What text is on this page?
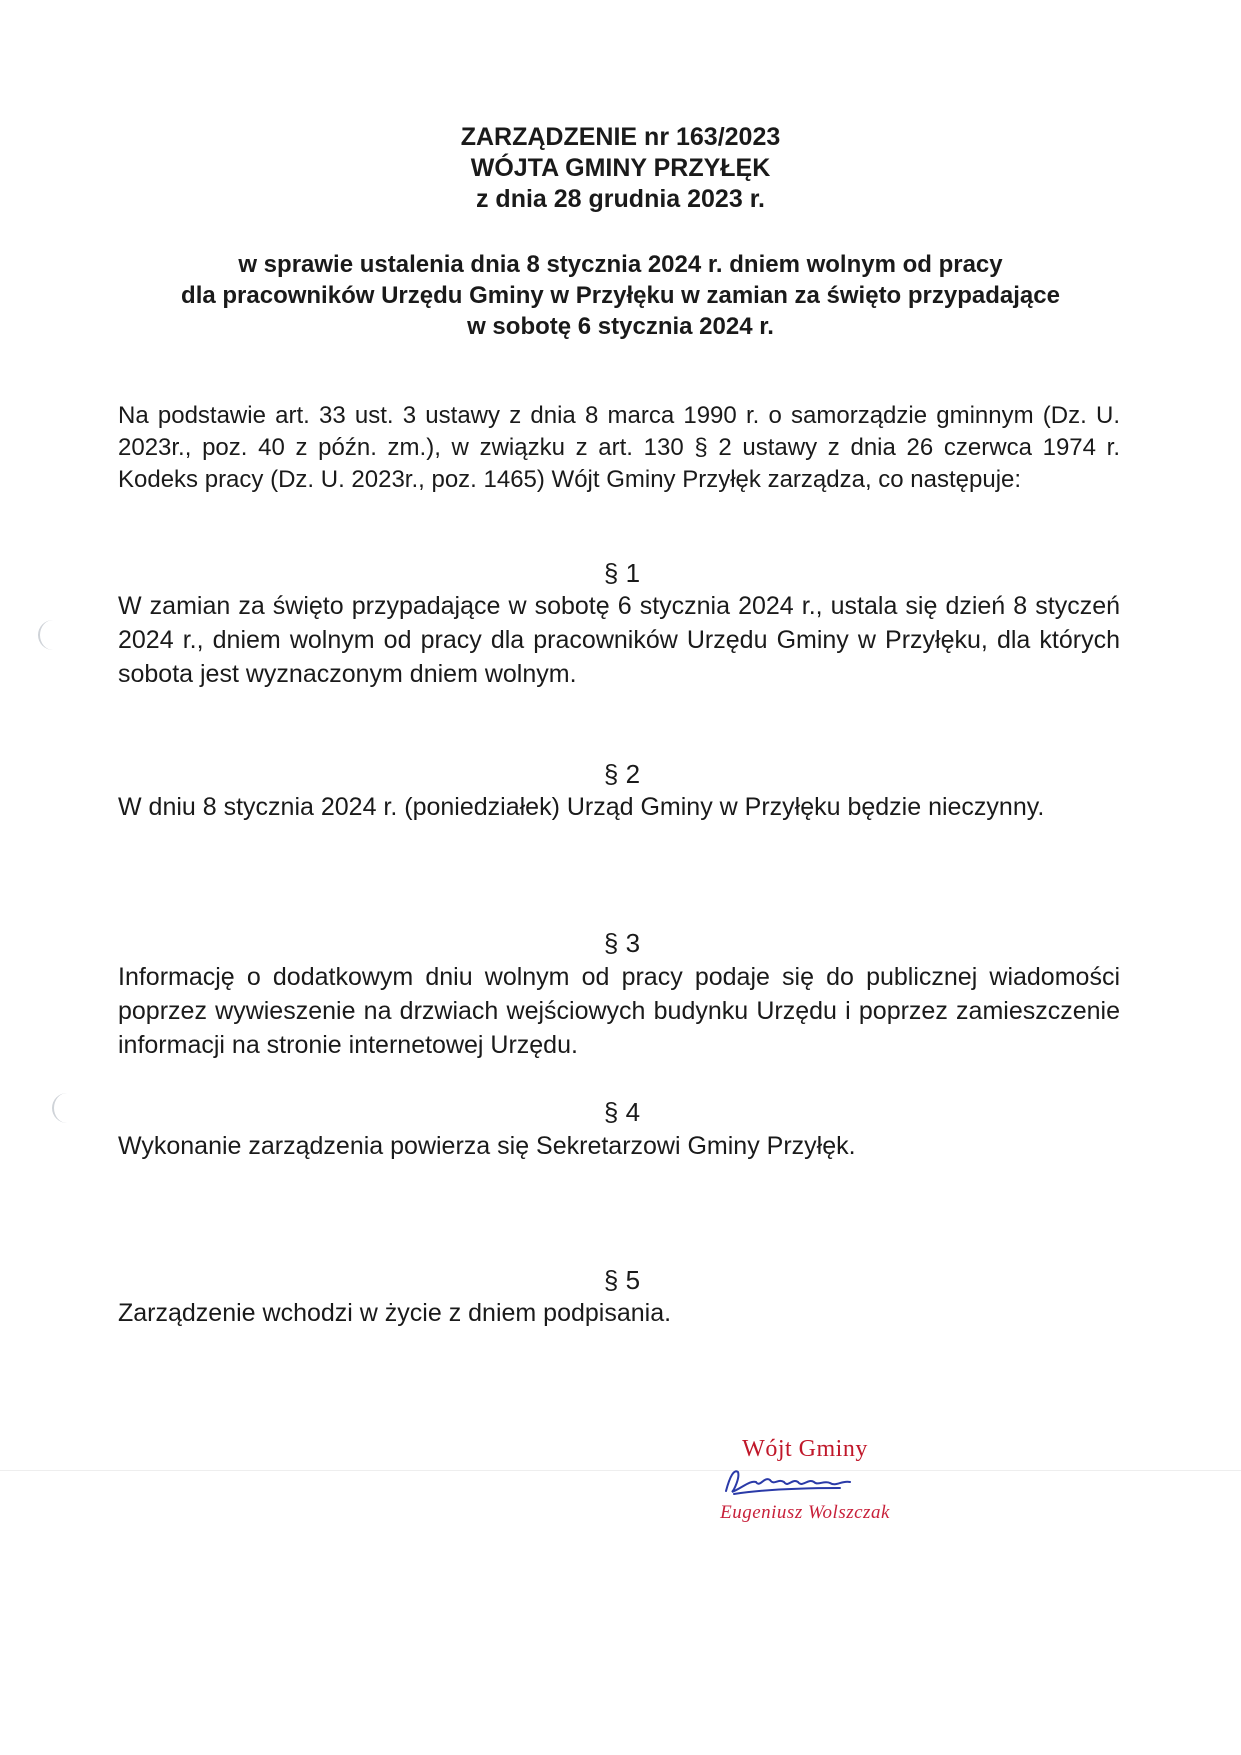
ZARZĄDZENIE nr 163/2023
WÓJTA GMINY PRZYŁĘK
z dnia 28 grudnia 2023 r.
w sprawie ustalenia dnia 8 stycznia 2024 r. dniem wolnym od pracy
dla pracowników Urzędu Gminy w Przyłęku w zamian za święto przypadające
w sobotę 6 stycznia 2024 r.
Na podstawie art. 33 ust. 3 ustawy z dnia 8 marca 1990 r. o samorządzie gminnym (Dz. U. 2023r., poz. 40 z późn. zm.), w związku z art. 130 § 2 ustawy z dnia 26 czerwca 1974 r. Kodeks pracy (Dz. U. 2023r., poz. 1465) Wójt Gminy Przyłęk zarządza, co następuje:
§ 1
W zamian za święto przypadające w sobotę 6 stycznia 2024 r., ustala się dzień 8 styczeń 2024 r., dniem wolnym od pracy dla pracowników Urzędu Gminy w Przyłęku, dla których sobota jest wyznaczonym dniem wolnym.
§ 2
W dniu 8 stycznia 2024 r. (poniedziałek) Urząd Gminy w Przyłęku będzie nieczynny.
§ 3
Informację o dodatkowym dniu wolnym od pracy podaje się do publicznej wiadomości poprzez wywieszenie na drzwiach wejściowych budynku Urzędu i poprzez zamieszczenie informacji na stronie internetowej Urzędu.
§ 4
Wykonanie zarządzenia powierza się Sekretarzowi Gminy Przyłęk.
§ 5
Zarządzenie wchodzi w życie z dniem podpisania.
Wójt Gminy
Eugeniusz Wolszczak
